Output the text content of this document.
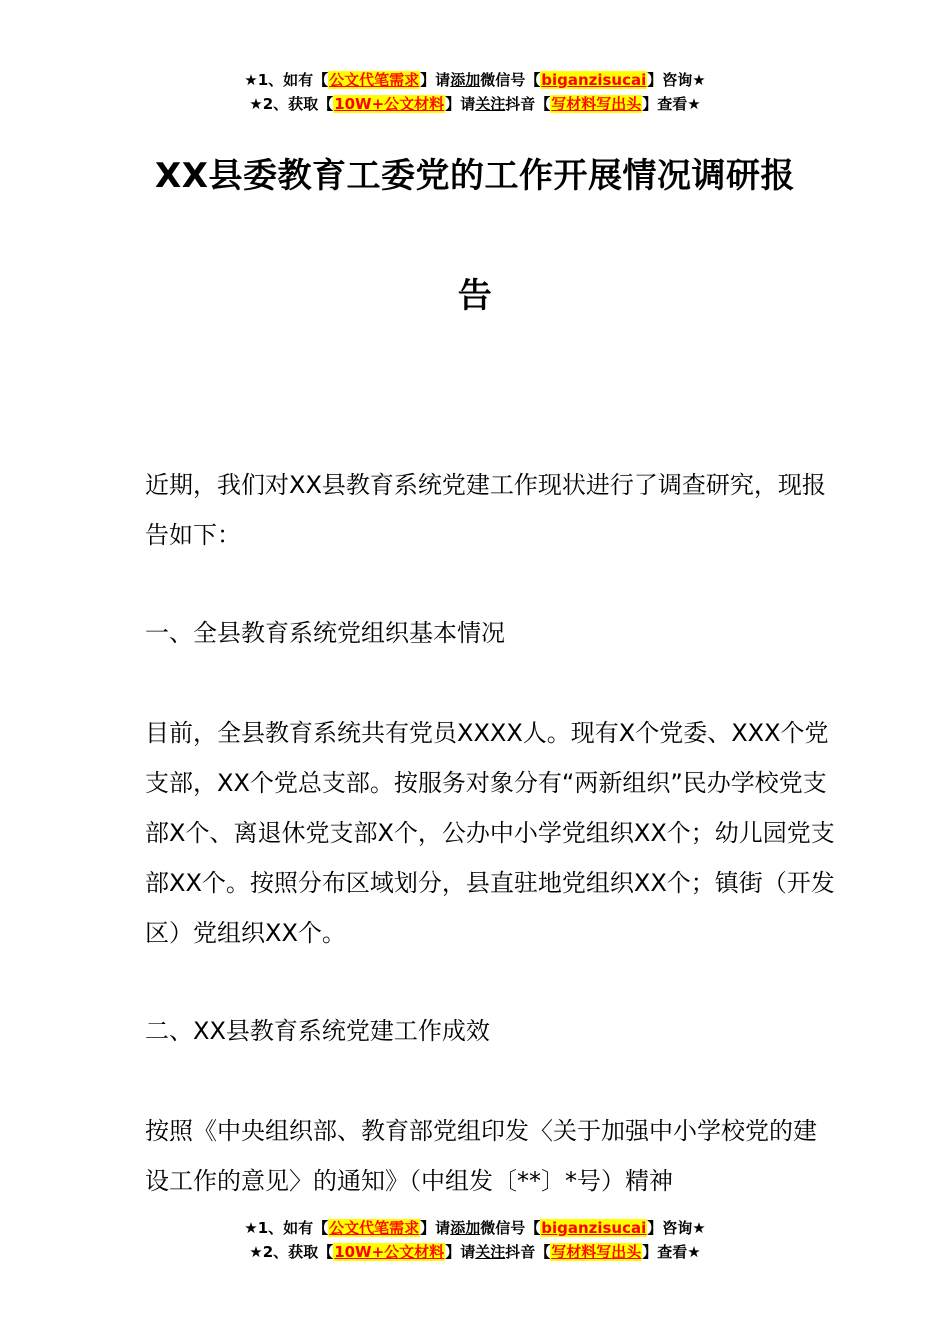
★1、如有【公文代笔需求】请添加微信号【biganzisucai】咨询★
★2、获取【10W+公文材料】请关注抖音【写材料写出头】查看★
XX县委教育工委党的工作开展情况调研报
告

近期，我们对XX县教育系统党建工作现状进行了调查研究，现报告如下：

一、全县教育系统党组织基本情况

目前，全县教育系统共有党员XXXX人。现有X个党委、XXX个党支部，XX个党总支部。按服务对象分有“两新组织”民办学校党支部X个、离退休党支部X个，公办中小学党组织XX个；幼儿园党支部XX个。按照分布区域划分，县直驻地党组织XX个；镇街（开发区）党组织XX个。

二、XX县教育系统党建工作成效

按照《中央组织部、教育部党组印发〈关于加强中小学校党的建设工作的意见〉的通知》（中组发〔**〕*号）精神

★1、如有【公文代笔需求】请添加微信号【biganzisucai】咨询★
★2、获取【10W+公文材料】请关注抖音【写材料写出头】查看★
